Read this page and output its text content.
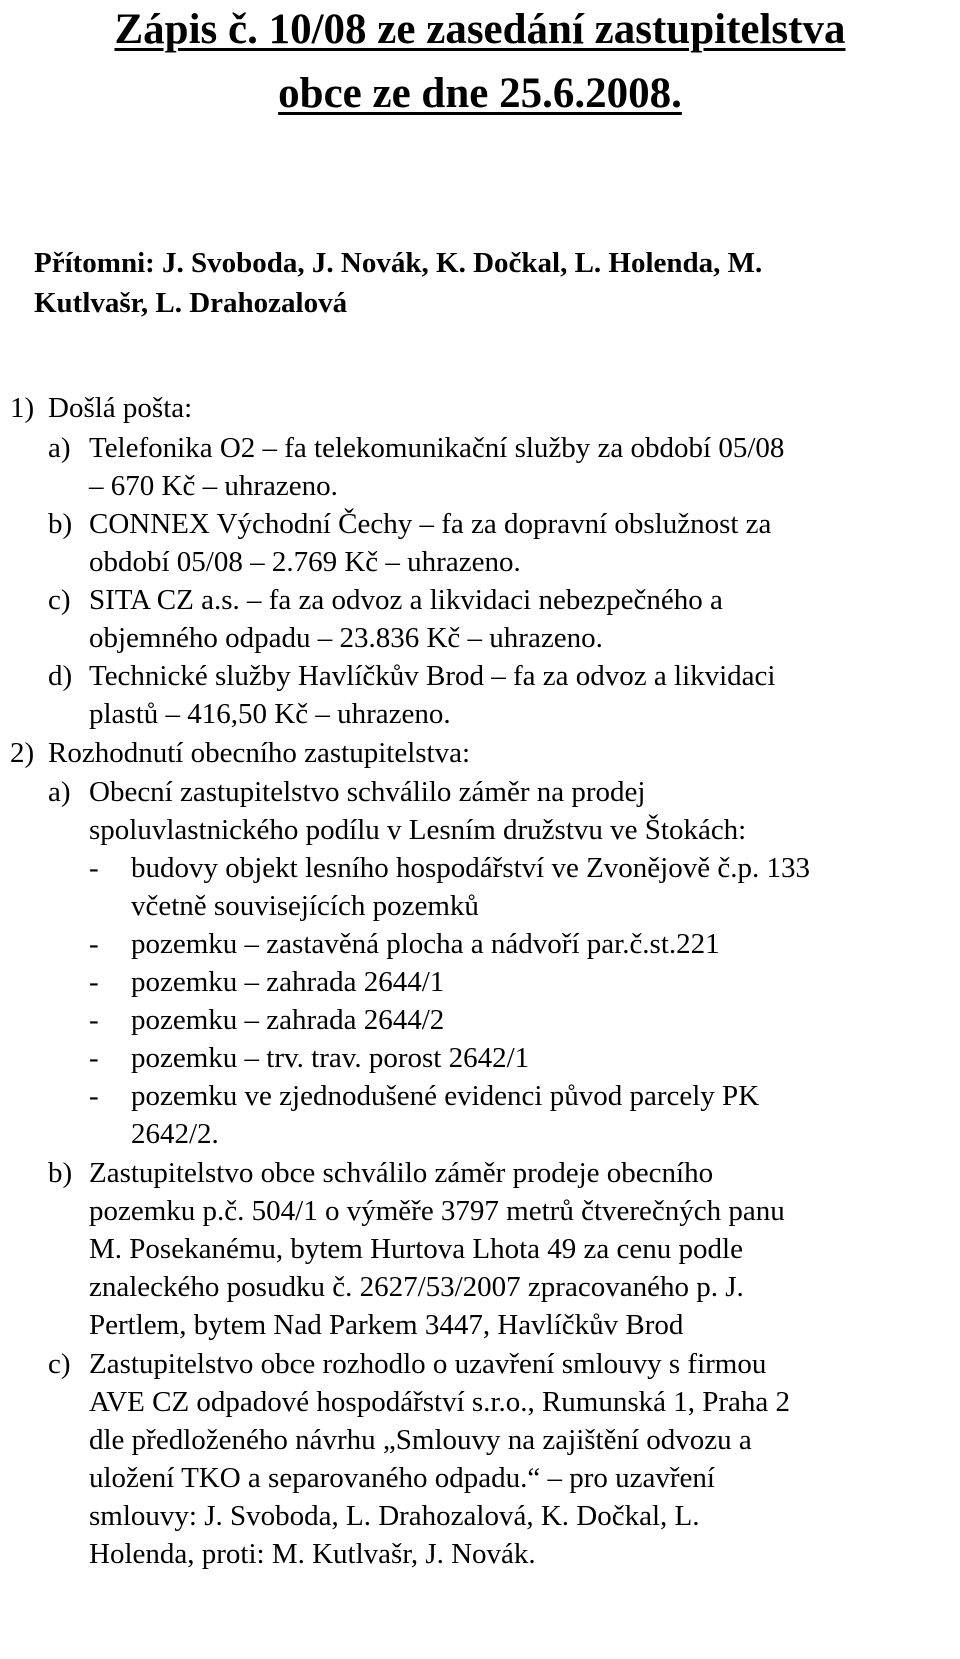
Zápis č. 10/08 ze zasedání zastupitelstva
obce ze dne 25.6.2008.
Přítomni: J. Svoboda, J. Novák, K. Dočkal, L. Holenda, M.
Kutlvašr, L. Drahozalová
1) Došlá pošta:
a) Telefonika O2 – fa telekomunikační služby za období 05/08
– 670 Kč – uhrazeno.
b) CONNEX Východní Čechy – fa za dopravní obslužnost za
období 05/08 – 2.769 Kč – uhrazeno.
c) SITA CZ a.s. – fa za odvoz a likvidaci nebezpečného a
objemného odpadu – 23.836 Kč – uhrazeno.
d) Technické služby Havlíčkův Brod – fa za odvoz a likvidaci
plastů – 416,50 Kč – uhrazeno.
2) Rozhodnutí obecního zastupitelstva:
a) Obecní zastupitelstvo schválilo záměr na prodej
spoluvlastnického podílu v Lesním družstvu ve Štokách:
- budovy objekt lesního hospodářství ve Zvonějově č.p. 133
včetně souvisejících pozemků
- pozemku – zastavěná plocha a nádvoří par.č.st.221
- pozemku – zahrada 2644/1
- pozemku – zahrada 2644/2
- pozemku – trv. trav. porost 2642/1
- pozemku ve zjednodušené evidenci původ parcely PK
2642/2.
b) Zastupitelstvo obce schválilo záměr prodeje obecního
pozemku p.č. 504/1 o výměře 3797 metrů čtverečných panu
M. Posekanému, bytem Hurtova Lhota 49 za cenu podle
znaleckého posudku č. 2627/53/2007 zpracovaného p. J.
Pertlem, bytem Nad Parkem 3447, Havlíčkův Brod
c) Zastupitelstvo obce rozhodlo o uzavření smlouvy s firmou
AVE CZ odpadové hospodářství s.r.o., Rumunská 1, Praha 2
dle předloženého návrhu „Smlouvy na zajištění odvozu a
uložení TKO a separovaného odpadu.“ – pro uzavření
smlouvy: J. Svoboda, L. Drahozalová, K. Dočkal, L.
Holenda, proti: M. Kutlvašr, J. Novák.
